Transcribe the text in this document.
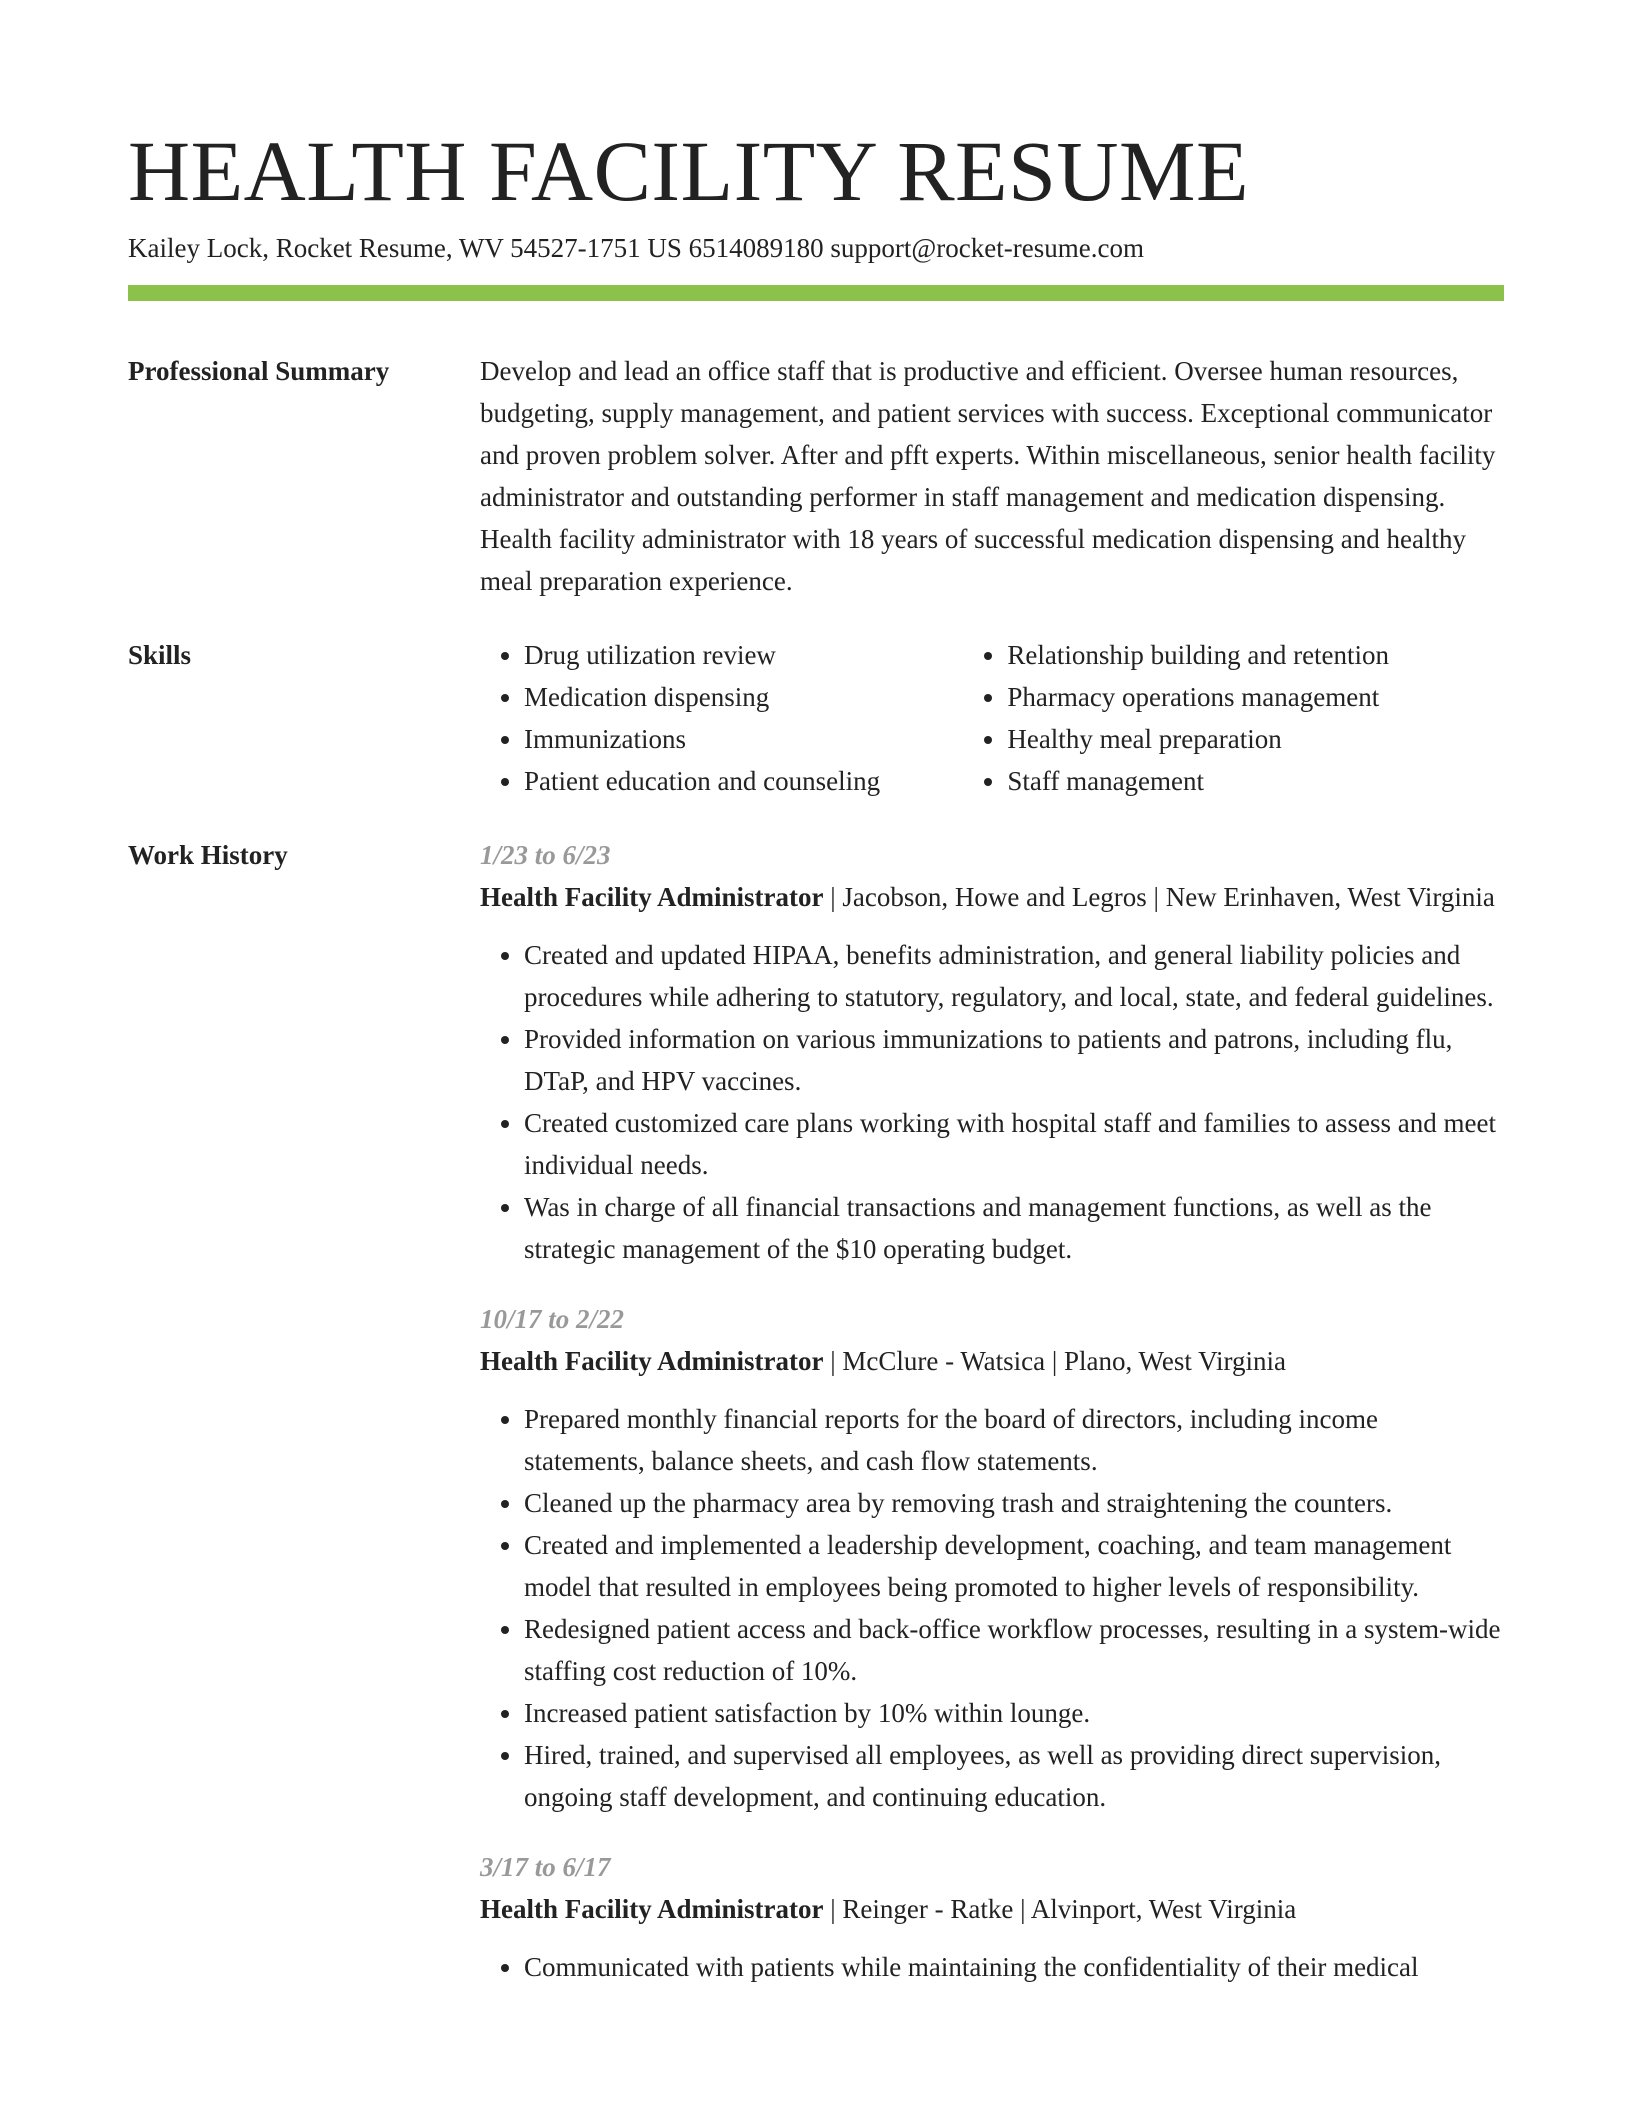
HEALTH FACILITY RESUME
Kailey Lock, Rocket Resume, WV 54527-1751 US 6514089180 support@rocket-resume.com
Professional Summary	Develop and lead an office staff that is productive and efficient. Oversee human resources, budgeting, supply management, and patient services with success. Exceptional communicator and proven problem solver. After and pfft experts. Within miscellaneous, senior health facility administrator and outstanding performer in staff management and medication dispensing. Health facility administrator with 18 years of successful medication dispensing and healthy meal preparation experience.

Skills
•	Drug utilization review
• Medication dispensing
• Immunizations
• Patient education and counseling
• Relationship building and retention
• Pharmacy operations management
• Healthy meal preparation
• Staff management
Work History	1/23 to 6/23
Health Facility Administrator | Jacobson, Howe and Legros | New Erinhaven, West Virginia
• Created and updated HIPAA, benefits administration, and general liability policies and procedures while adhering to statutory, regulatory, and local, state, and federal guidelines.
• Provided information on various immunizations to patients and patrons, including flu, DTaP, and HPV vaccines.
• Created customized care plans working with hospital staff and families to assess and meet individual needs.
• Was in charge of all financial transactions and management functions, as well as the strategic management of the $10 operating budget.
10/17 to 2/22
Health Facility Administrator | McClure - Watsica | Plano, West Virginia
• Prepared monthly financial reports for the board of directors, including income statements, balance sheets, and cash flow statements.
• Cleaned up the pharmacy area by removing trash and straightening the counters.
• Created and implemented a leadership development, coaching, and team management model that resulted in employees being promoted to higher levels of responsibility.
• Redesigned patient access and back-office workflow processes, resulting in a system-wide staffing cost reduction of 10%.
• Increased patient satisfaction by 10% within lounge.
• Hired, trained, and supervised all employees, as well as providing direct supervision, ongoing staff development, and continuing education.
3/17 to 6/17
Health Facility Administrator | Reinger - Ratke | Alvinport, West Virginia
• Communicated with patients while maintaining the confidentiality of their medical
